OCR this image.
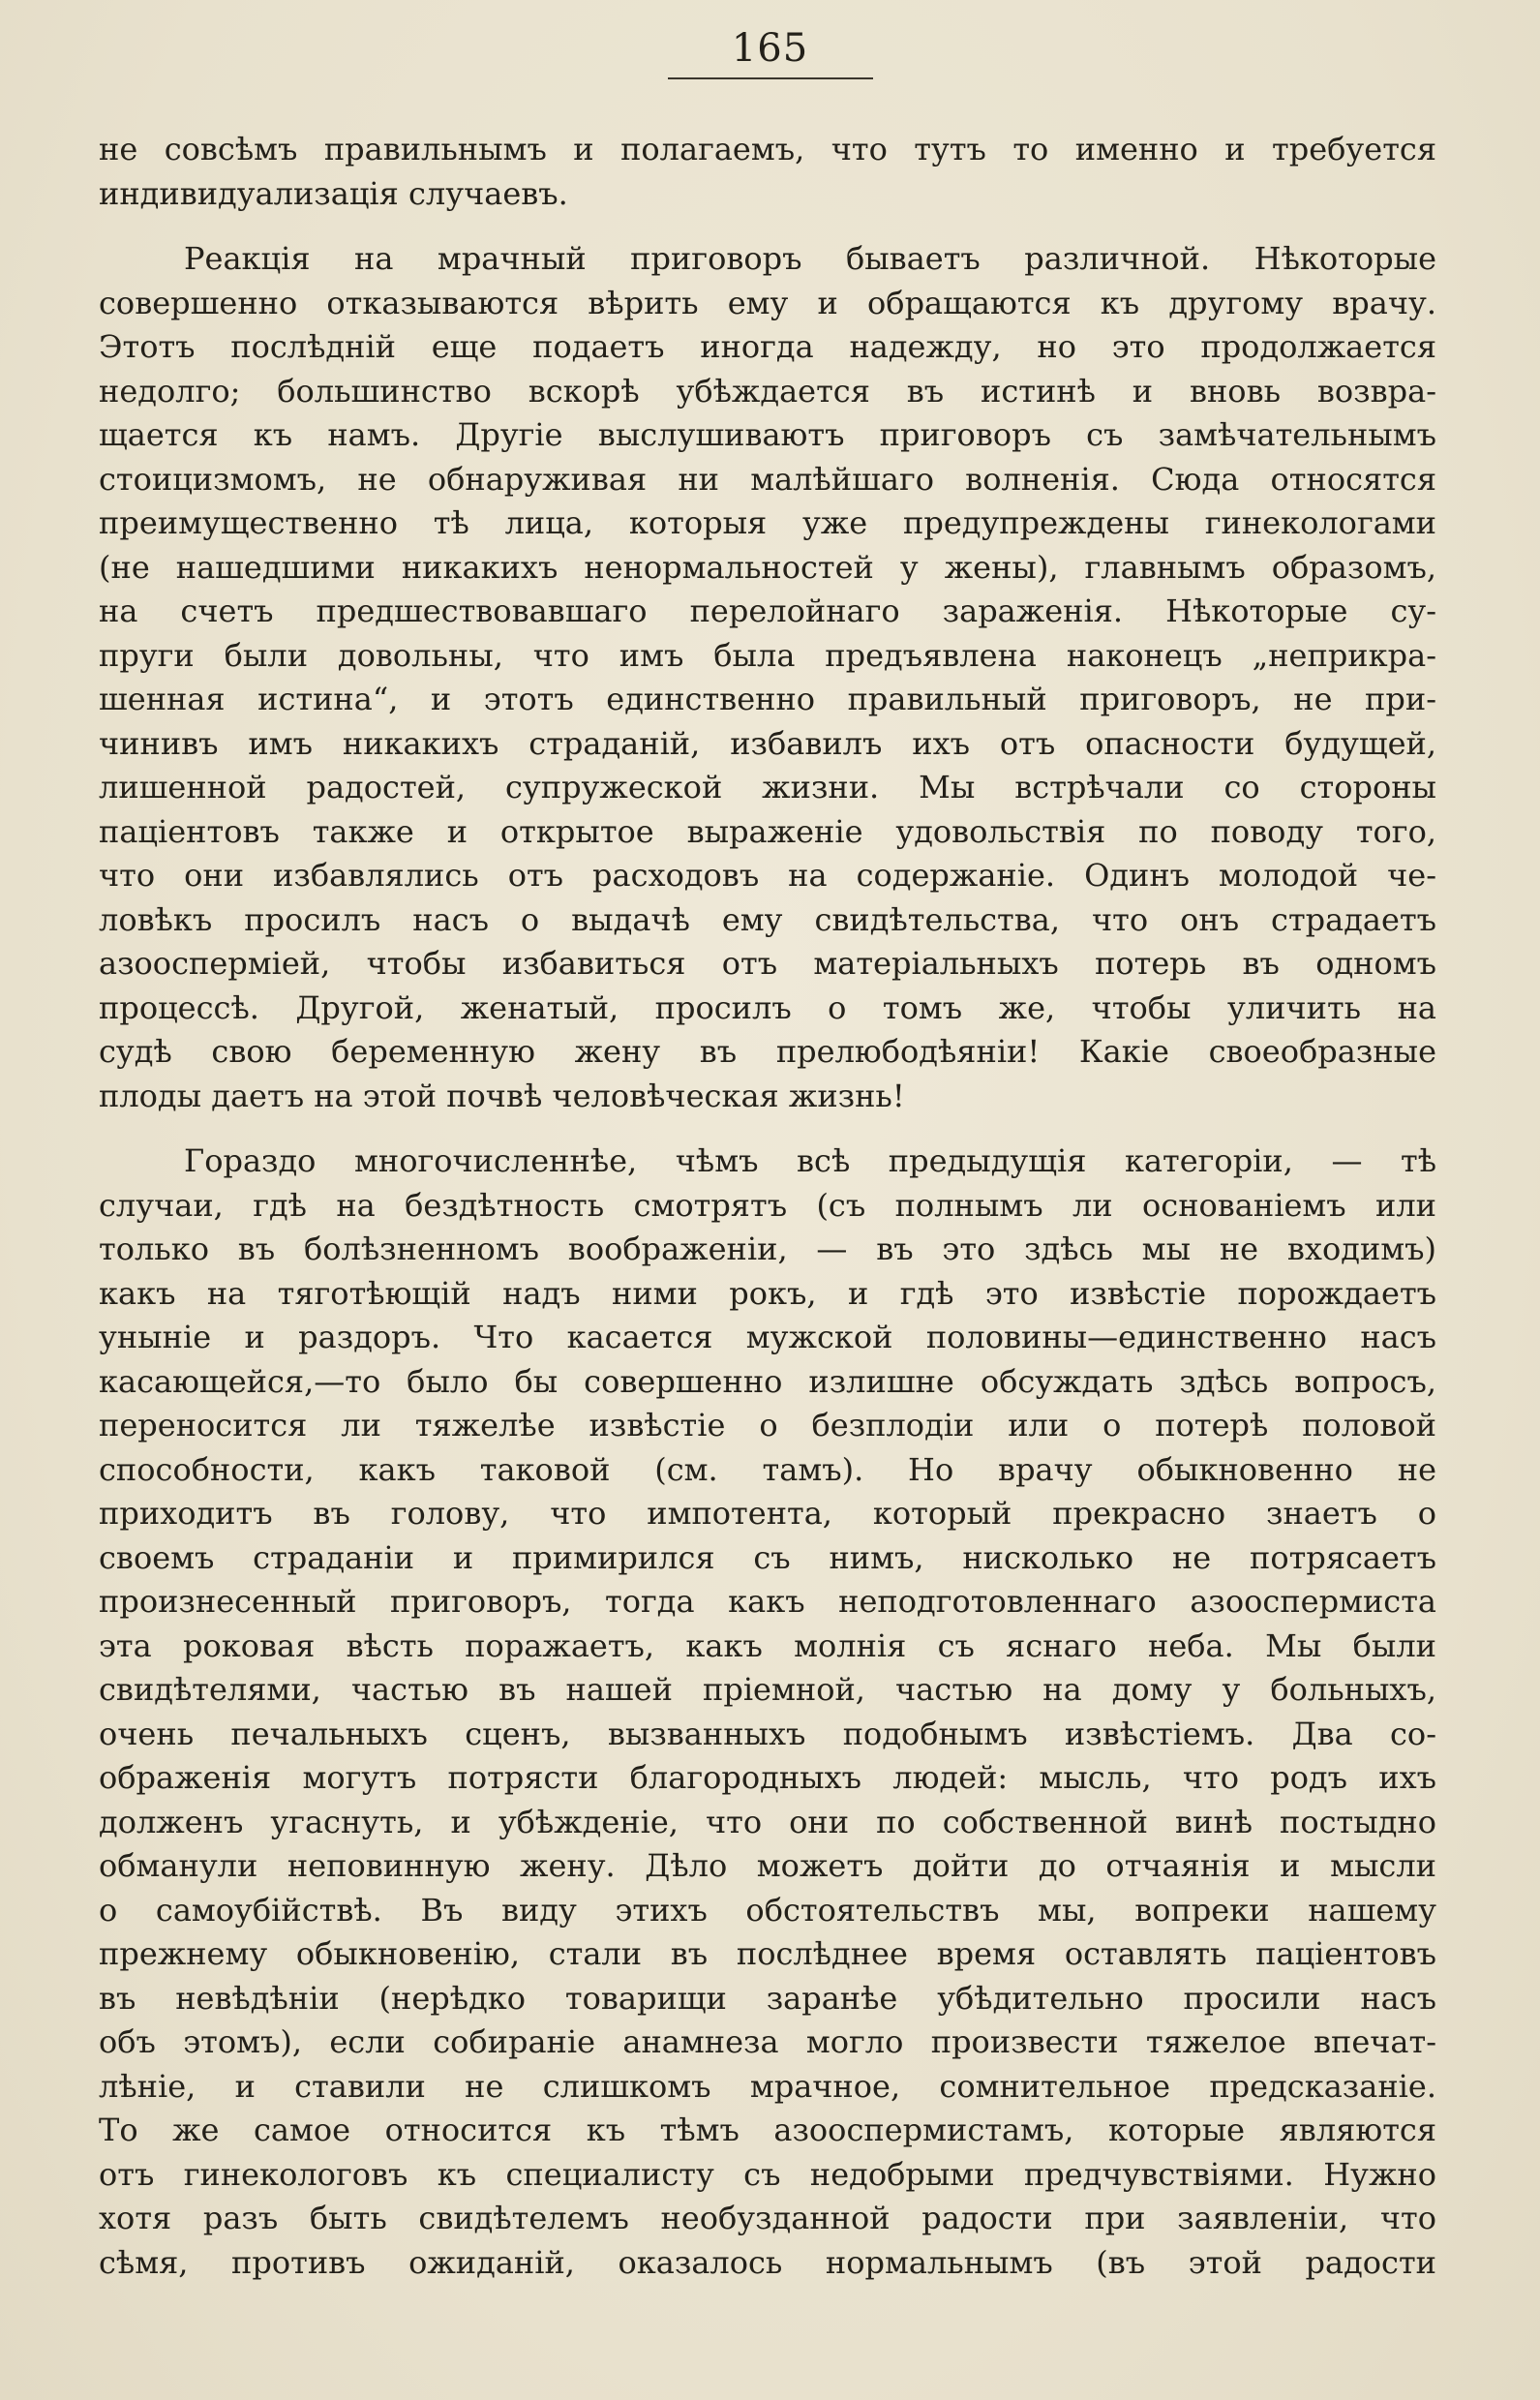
165
не совсѣмъ правильнымъ и полагаемъ, что тутъ то именно и требуется
индивидуализація случаевъ.
Реакція на мрачный приговоръ бываетъ различной. Нѣкоторые
совершенно отказываются вѣрить ему и обращаются къ другому врачу.
Этотъ послѣдній еще подаетъ иногда надежду, но это продолжается
недолго; большинство вскорѣ убѣждается въ истинѣ и вновь возвра-
щается къ намъ. Другіе выслушиваютъ приговоръ съ замѣчательнымъ
стоицизмомъ, не обнаруживая ни малѣйшаго волненія. Сюда относятся
преимущественно тѣ лица, которыя уже предупреждены гинекологами
(не нашедшими никакихъ ненормальностей у жены), главнымъ образомъ,
на счетъ предшествовавшаго перелойнаго зараженія. Нѣкоторые су-
пруги были довольны, что имъ была предъявлена наконецъ „неприкра-
шенная истина“, и этотъ единственно правильный приговоръ, не при-
чинивъ имъ никакихъ страданій, избавилъ ихъ отъ опасности будущей,
лишенной радостей, супружеской жизни. Мы встрѣчали со стороны
паціентовъ также и открытое выраженіе удовольствія по поводу того,
что они избавлялись отъ расходовъ на содержаніе. Одинъ молодой че-
ловѣкъ просилъ насъ о выдачѣ ему свидѣтельства, что онъ страдаетъ
азооспермiей, чтобы избавиться отъ матеріальныхъ потерь въ одномъ
процессѣ. Другой, женатый, просилъ о томъ же, чтобы уличить на
судѣ свою беременную жену въ прелюбодѣяніи! Какіе своеобразные
плоды даетъ на этой почвѣ человѣческая жизнь!
Гораздо многочисленнѣе, чѣмъ всѣ предыдущія категоріи, — тѣ
случаи, гдѣ на бездѣтность смотрятъ (съ полнымъ ли основаніемъ или
только въ болѣзненномъ воображеніи, — въ это здѣсь мы не входимъ)
какъ на тяготѣющій надъ ними рокъ, и гдѣ это извѣстіе порождаетъ
уныніе и раздоръ. Что касается мужской половины—единственно насъ
касающейся,—то было бы совершенно излишне обсуждать здѣсь вопросъ,
переносится ли тяжелѣе извѣстіе о безплодіи или о потерѣ половой
способности, какъ таковой (см. тамъ). Но врачу обыкновенно не
приходитъ въ голову, что импотента, который прекрасно знаетъ о
своемъ страданіи и примирился съ нимъ, нисколько не потрясаетъ
произнесенный приговоръ, тогда какъ неподготовленнаго азооспермиста
эта роковая вѣсть поражаетъ, какъ молнія съ яснаго неба. Мы были
свидѣтелями, частью въ нашей пріемной, частью на дому у больныхъ,
очень печальныхъ сценъ, вызванныхъ подобнымъ извѣстіемъ. Два со-
ображенія могутъ потрясти благородныхъ людей: мысль, что родъ ихъ
долженъ угаснуть, и убѣжденіе, что они по собственной винѣ постыдно
обманули неповинную жену. Дѣло можетъ дойти до отчаянія и мысли
о самоубійствѣ. Въ виду этихъ обстоятельствъ мы, вопреки нашему
прежнему обыкновенію, стали въ послѣднее время оставлять паціентовъ
въ невѣдѣніи (нерѣдко товарищи заранѣе убѣдительно просили насъ
объ этомъ), если собираніе анамнеза могло произвести тяжелое впечат-
лѣніе, и ставили не слишкомъ мрачное, сомнительное предсказаніе.
То же самое относится къ тѣмъ азооспермистамъ, которые являются
отъ гинекологовъ къ специалисту съ недобрыми предчувствіями. Нужно
хотя разъ быть свидѣтелемъ необузданной радости при заявленіи, что
сѣмя, противъ ожиданій, оказалось нормальнымъ (въ этой радости
